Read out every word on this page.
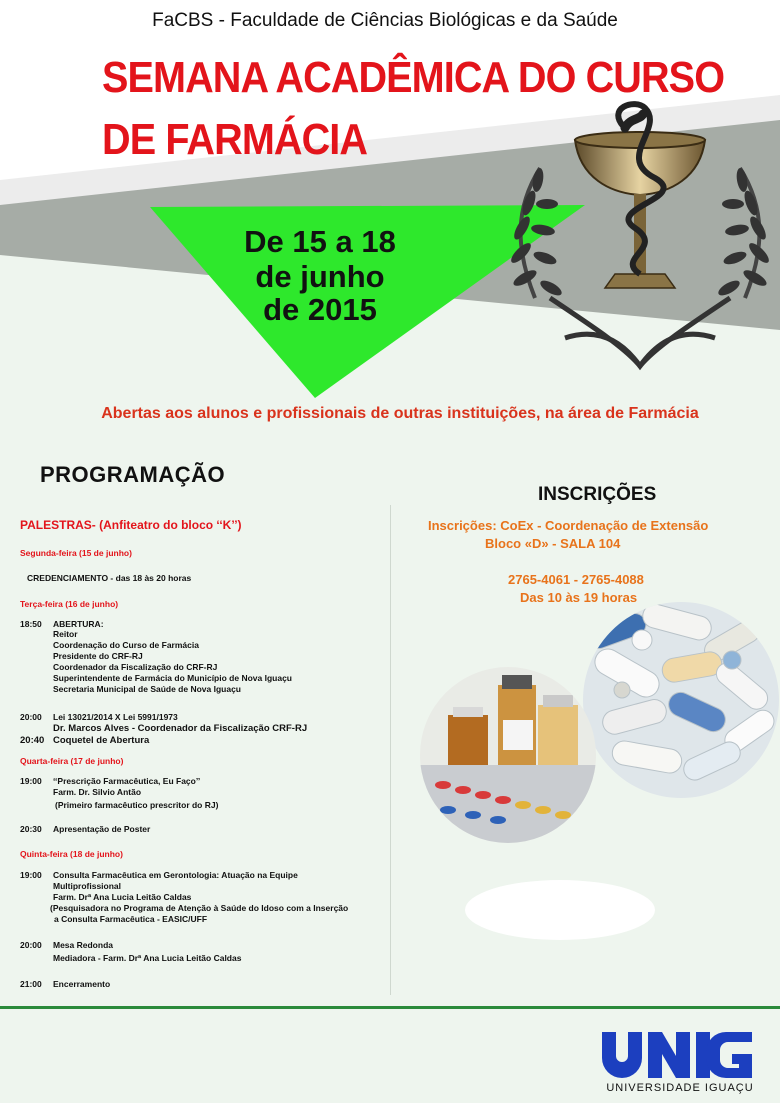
FaCBS - Faculdade de Ciências Biológicas e da Saúde
SEMANA ACADÊMICA DO CURSO
DE FARMÁCIA
De 15 a 18
de junho
de 2015
Abertas aos alunos e profissionais de outras instituições, na área de Farmácia
PROGRAMAÇÃO
PALESTRAS- (Anfiteatro do bloco ‘‘K’’)
Segunda-feira (15 de junho)
CREDENCIAMENTO - das 18 às 20 horas
Terça-feira (16 de junho)
18:50 ABERTURA:
Reitor
Coordenação do Curso de Farmácia
Presidente do CRF-RJ
Coordenador da Fiscalização do CRF-RJ
Superintendente de Farmácia do Município de Nova Iguaçu
Secretaria Municipal de Saúde de Nova Iguaçu
20:00 Lei 13021/2014 X Lei 5991/1973
Dr. Marcos Alves - Coordenador da Fiscalização CRF-RJ
20:40 Coquetel de Abertura
Quarta-feira (17 de junho)
19:00 ‘‘Prescrição Farmacêutica, Eu Faço’’
Farm. Dr. Silvio Antão
(Primeiro farmacêutico prescritor do RJ)
20:30 Apresentação de Poster
Quinta-feira (18 de junho)
19:00 Consulta Farmacêutica em Gerontologia: Atuação na Equipe
Multiprofissional
Farm. Drª Ana Lucia Leitão Caldas
(Pesquisadora no Programa de Atenção à Saúde do Idoso com a Inserção
a Consulta Farmacêutica - EASIC/UFF
20:00 Mesa Redonda
Mediadora - Farm. Drª Ana Lucia Leitão Caldas
21:00 Encerramento
INSCRIÇÕES
Inscrições: CoEx - Coordenação de Extensão
Bloco «D» - SALA 104
2765-4061 - 2765-4088
Das 10 às 19 horas
UNIVERSIDADE IGUAÇU
